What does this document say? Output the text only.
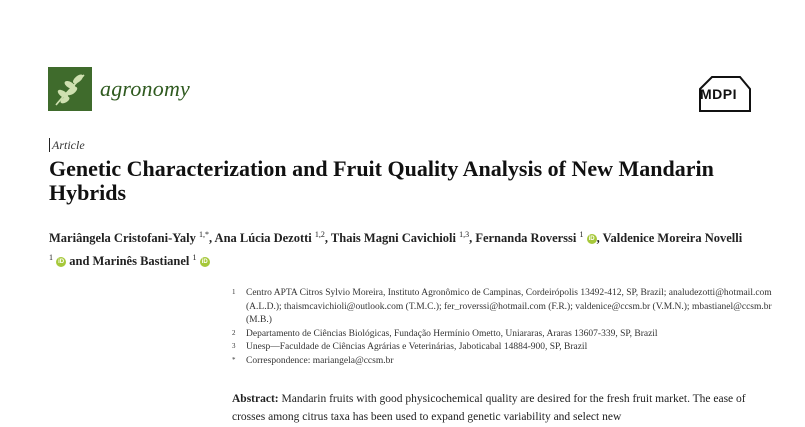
agronomy	MDPI
Article
Genetic Characterization and Fruit Quality Analysis of New Mandarin Hybrids
Mariângela Cristofani-Yaly $^{1,*}$, Ana Lúcia Dezotti $^{1,2}$, Thais Magni Cavichioli $^{1,3}$, Fernanda Roverssi $^1$ iD , Valdenice Moreira Novelli $^1$ iD and Marinês Bastianel $^1$ iD
1	Centro APTA Citros Sylvio Moreira, Instituto Agronômico de Campinas, Cordeirópolis 13492-412, SP, Brazil; analudezotti@hotmail.com (A.L.D.); thaismcavichioli@outlook.com (T.M.C.); fer_roverssi@hotmail.com (F.R.); valdenice@ccsm.br (V.M.N.); mbastianel@ccsm.br (M.B.)
2	Departamento de Ciências Biológicas, Fundação Hermínio Ometto, Uniararas, Araras 13607-339, SP, Brazil
3	Unesp—Faculdade de Ciências Agrárias e Veterinárias, Jaboticabal 14884-900, SP, Brazil
*	Correspondence: mariangela@ccsm.br
Abstract: Mandarin fruits with good physicochemical quality are desired for the fresh fruit market. The ease of crosses among citrus taxa has been used to expand genetic variability and select new
